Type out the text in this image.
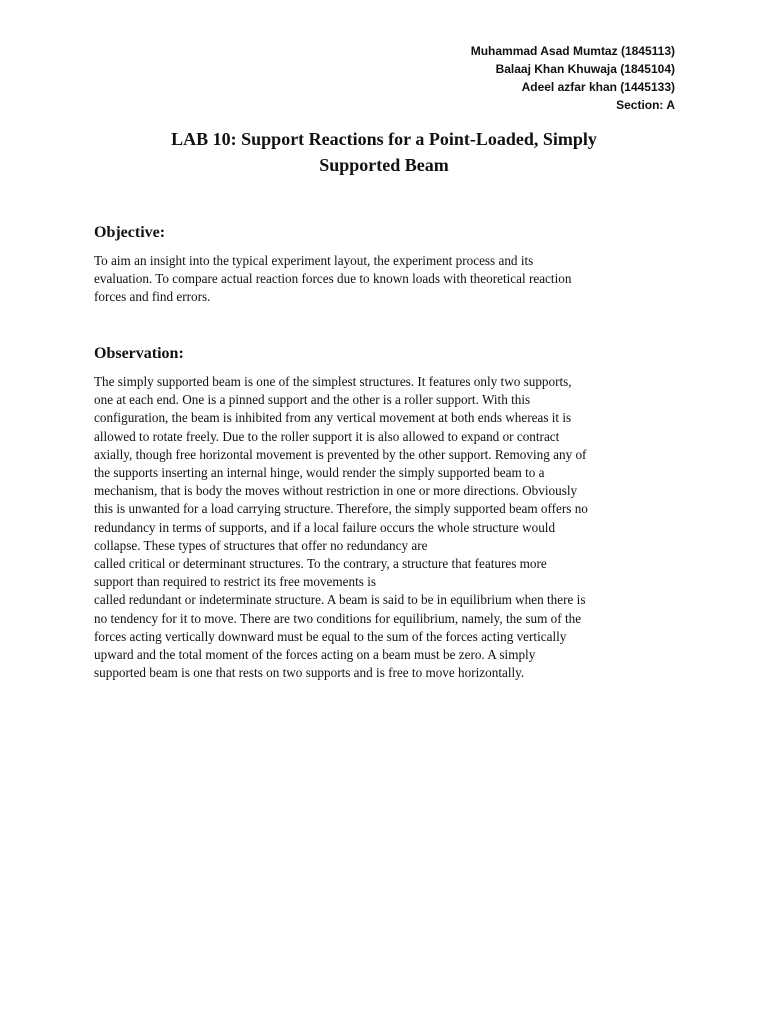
Muhammad Asad Mumtaz (1845113)
Balaaj Khan Khuwaja (1845104)
Adeel azfar khan (1445133)
Section: A
LAB 10: Support Reactions for a Point-Loaded, Simply
Supported Beam
Objective:
To aim an insight into the typical experiment layout, the experiment process and its
evaluation. To compare actual reaction forces due to known loads with theoretical reaction
forces and find errors.
Observation:
The simply supported beam is one of the simplest structures. It features only two supports,
one at each end. One is a pinned support and the other is a roller support. With this
configuration, the beam is inhibited from any vertical movement at both ends whereas it is
allowed to rotate freely. Due to the roller support it is also allowed to expand or contract
axially, though free horizontal movement is prevented by the other support. Removing any of
the supports inserting an internal hinge, would render the simply supported beam to a
mechanism, that is body the moves without restriction in one or more directions. Obviously
this is unwanted for a load carrying structure. Therefore, the simply supported beam offers no
redundancy in terms of supports, and if a local failure occurs the whole structure would
collapse. These types of structures that offer no redundancy are
called critical or determinant structures. To the contrary, a structure that features more
support than required to restrict its free movements is
called redundant or indeterminate structure. A beam is said to be in equilibrium when there is
no tendency for it to move. There are two conditions for equilibrium, namely, the sum of the
forces acting vertically downward must be equal to the sum of the forces acting vertically
upward and the total moment of the forces acting on a beam must be zero. A simply
supported beam is one that rests on two supports and is free to move horizontally.
